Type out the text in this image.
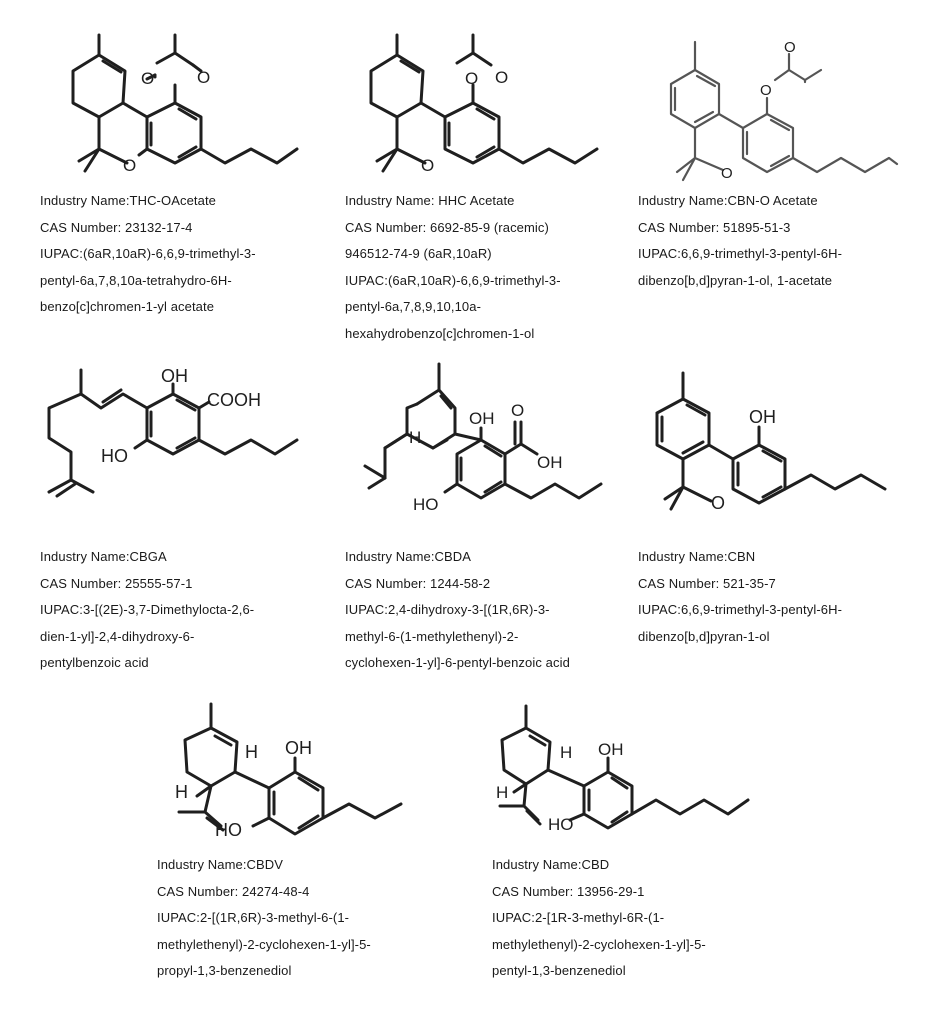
O	O
O
Industry Name:THC-OAcetate
CAS Number: 23132-17-4
IUPAC:(6aR,10aR)-6,6,9-trimethyl-3-
pentyl-6a,7,8,10a-tetrahydro-6H-
benzo[c]chromen-1-yl acetate
O O
O
Industry Name: HHC Acetate
CAS Number: 6692-85-9 (racemic)
946512-74-9 (6aR,10aR)
IUPAC:(6aR,10aR)-6,6,9-trimethyl-3-
pentyl-6a,7,8,9,10,10a-
hexahydrobenzo[c]chromen-1-ol
O
O
O
Industry Name:CBN-O Acetate
CAS Number: 51895-51-3
IUPAC:6,6,9-trimethyl-3-pentyl-6H-
dibenzo[b,d]pyran-1-ol, 1-acetate
OH
COOH
HO
Industry Name:CBGA
CAS Number: 25555-57-1
IUPAC:3-[(2E)-3,7-Dimethylocta-2,6-
dien-1-yl]-2,4-dihydroxy-6-
pentylbenzoic acid
H
OH O
OH
HO
Industry Name:CBDA
CAS Number: 1244-58-2
IUPAC:2,4-dihydroxy-3-[(1R,6R)-3-
methyl-6-(1-methylethenyl)-2-
cyclohexen-1-yl]-6-pentyl-benzoic acid
OH
O
Industry Name:CBN
CAS Number: 521-35-7
IUPAC:6,6,9-trimethyl-3-pentyl-6H-
dibenzo[b,d]pyran-1-ol
H
H
OH
HO
Industry Name:CBDV
CAS Number: 24274-48-4
IUPAC:2-[(1R,6R)-3-methyl-6-(1-
methylethenyl)-2-cyclohexen-1-yl]-5-
propyl-1,3-benzenediol
H
H
OH
HO
Industry Name:CBD
CAS Number: 13956-29-1
IUPAC:2-[1R-3-methyl-6R-(1-
methylethenyl)-2-cyclohexen-1-yl]-5-
pentyl-1,3-benzenediol
